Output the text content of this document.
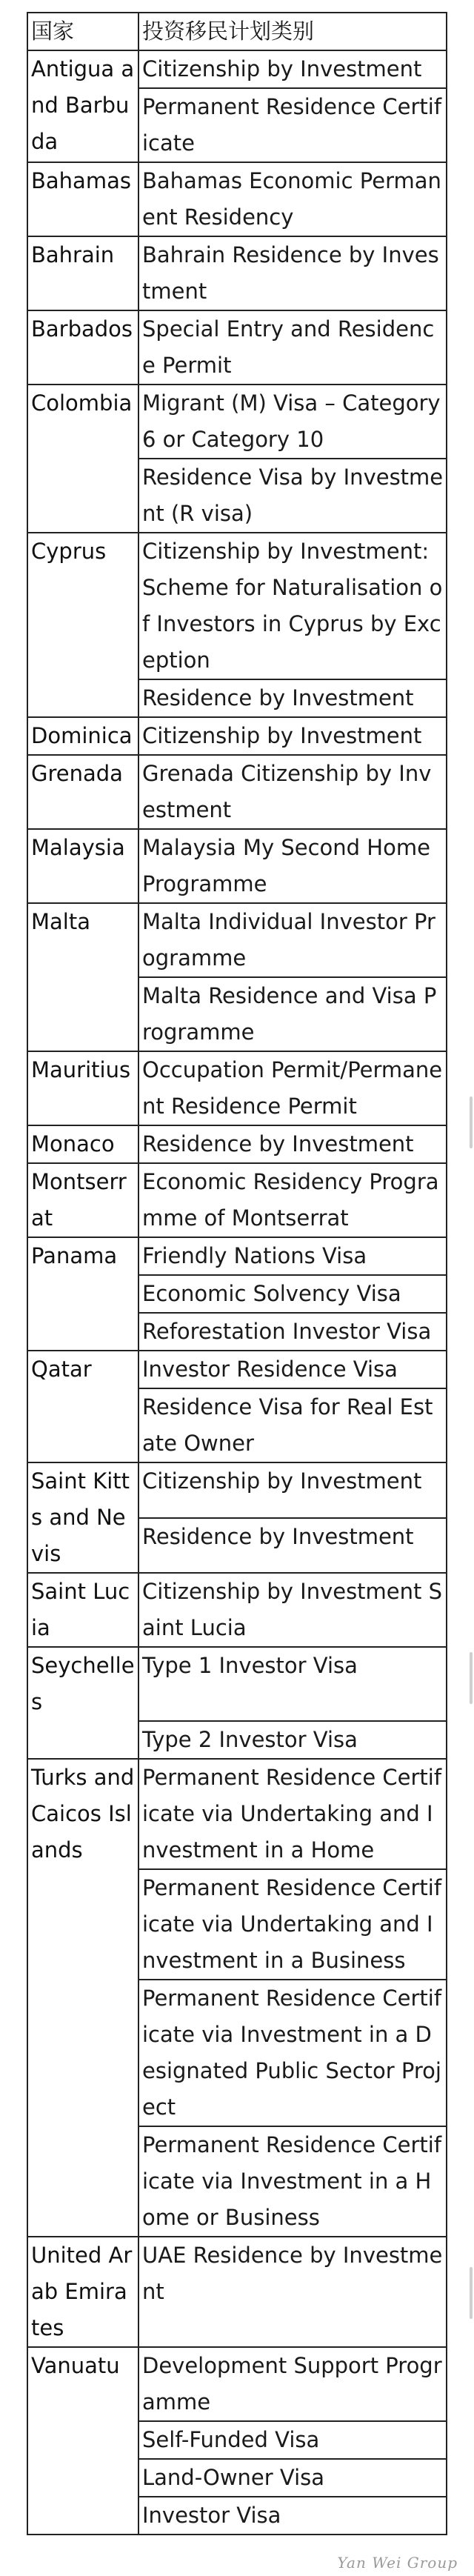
国家	投资移民计划类别
Antigua and Barbuda	Citizenship by Investment
	Permanent Residence Certificate
Bahamas	Bahamas Economic Permanent Residency
Bahrain	Bahrain Residence by Investment
Barbados	Special Entry and Residence Permit
Colombia	Migrant (M) Visa – Category 6 or Category 10
	Residence Visa by Investment (R visa)
Cyprus	Citizenship by Investment: Scheme for Naturalisation of Investors in Cyprus by Exception
	Residence by Investment
Dominica	Citizenship by Investment
Grenada	Grenada Citizenship by Investment
Malaysia	Malaysia My Second Home Programme
Malta	Malta Individual Investor Programme
	Malta Residence and Visa Programme
Mauritius	Occupation Permit/Permanent Residence Permit
Monaco	Residence by Investment
Montserrat	Economic Residency Programme of Montserrat
Panama	Friendly Nations Visa
	Economic Solvency Visa
	Reforestation Investor Visa
Qatar	Investor Residence Visa
	Residence Visa for Real Estate Owner
Saint Kitts and Nevis	Citizenship by Investment
	Residence by Investment
Saint Lucia	Citizenship by Investment Saint Lucia
Seychelles	Type 1 Investor Visa
	Type 2 Investor Visa
Turks and Caicos Islands	Permanent Residence Certificate via Undertaking and Investment in a Home
	Permanent Residence Certificate via Undertaking and Investment in a Business
	Permanent Residence Certificate via Investment in a Designated Public Sector Project
	Permanent Residence Certificate via Investment in a Home or Business
United Arab Emirates	UAE Residence by Investment
Vanuatu	Development Support Programme
	Self-Funded Visa
	Land-Owner Visa
	Investor Visa
Yan Wei Group
